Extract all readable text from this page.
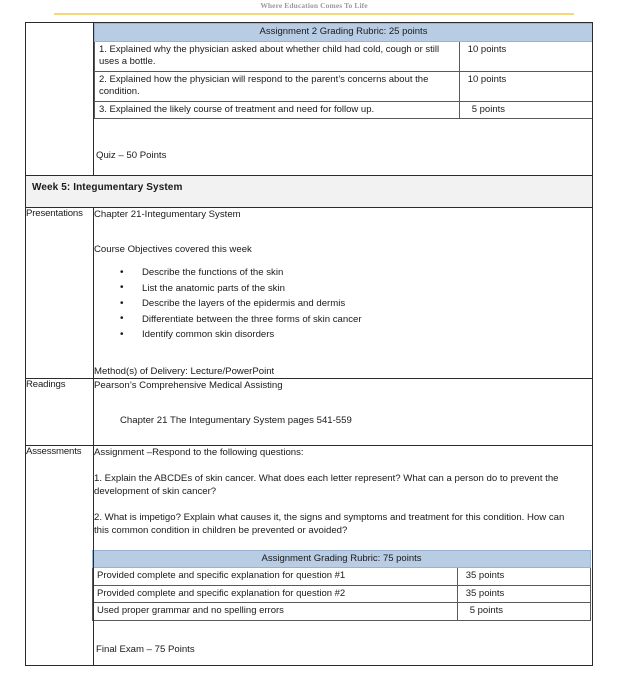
Where Education Comes To Life

Assignment 2 Grading Rubric: 25 points
1. Explained why the physician asked about whether child had cold, cough or still uses a bottle.	10 points
2. Explained how the physician will respond to the parent’s concerns about the condition.	10 points
3. Explained the likely course of treatment and need for follow up.	5 points
Quiz – 50 Points

Week 5: Integumentary System
Presentations	Chapter 21-Integumentary System
Course Objectives covered this week
• Describe the functions of the skin
• List the anatomic parts of the skin
• Describe the layers of the epidermis and dermis
• Differentiate between the three forms of skin cancer
• Identify common skin disorders
Method(s) of Delivery: Lecture/PowerPoint

Readings	Pearson’s Comprehensive Medical Assisting
Chapter 21 The Integumentary System pages 541-559

Assessments	Assignment –Respond to the following questions:
1. Explain the ABCDEs of skin cancer. What does each letter represent? What can a person do to prevent the development of skin cancer?
2. What is impetigo? Explain what causes it, the signs and symptoms and treatment for this condition. How can this common condition in children be prevented or avoided?
Assignment Grading Rubric: 75 points
Provided complete and specific explanation for question #1	35 points
Provided complete and specific explanation for question #2	35 points
Used proper grammar and no spelling errors	5 points
Final Exam – 75 Points
